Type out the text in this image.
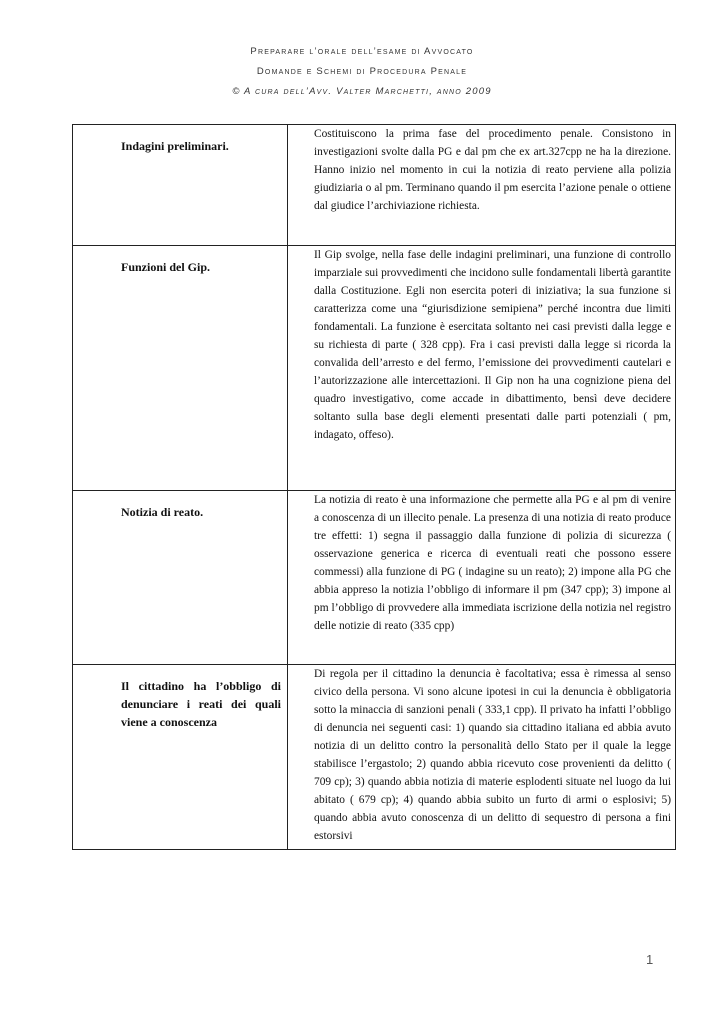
Preparare l’orale dell’esame di Avvocato
Domande e Schemi di Procedura Penale
© A cura dell’Avv. Valter Marchetti, anno 2009
Indagini preliminari.	Costituiscono la prima fase del procedimento penale. Consistono in investigazioni svolte dalla PG e dal pm che ex art.327cpp ne ha la direzione. Hanno inizio nel momento in cui la notizia di reato perviene alla polizia giudiziaria o al pm. Terminano quando il pm esercita l’azione penale o ottiene dal giudice l’archiviazione richiesta.

Funzioni del Gip.	Il Gip svolge, nella fase delle indagini preliminari, una funzione di controllo imparziale sui provvedimenti che incidono sulle fondamentali libertà garantite dalla Costituzione. Egli non esercita poteri di iniziativa; la sua funzione si caratterizza come una “giurisdizione semipiena” perché incontra due limiti fondamentali. La funzione è esercitata soltanto nei casi previsti dalla legge e su richiesta di parte ( 328 cpp). Fra i casi previsti dalla legge si ricorda la convalida dell’arresto e del fermo, l’emissione dei provvedimenti cautelari e l’autorizzazione alle intercettazioni. Il Gip non ha una cognizione piena del quadro investigativo, come accade in dibattimento, bensì deve decidere soltanto sulla base degli elementi presentati dalle parti potenziali ( pm, indagato, offeso).

Notizia di reato.	La notizia di reato è una informazione che permette alla PG e al pm di venire a conoscenza di un illecito penale. La presenza di una notizia di reato produce tre effetti: 1) segna il passaggio dalla funzione di polizia di sicurezza ( osservazione generica e ricerca di eventuali reati che possono essere commessi) alla funzione di PG ( indagine su un reato); 2) impone alla PG che abbia appreso la notizia l’obbligo di informare il pm (347 cpp); 3) impone al pm l’obbligo di provvedere alla immediata iscrizione della notizia nel registro delle notizie di reato (335 cpp)

Il cittadino ha l’obbligo di denunciare i reati dei quali viene a conoscenza	Di regola per il cittadino la denuncia è facoltativa; essa è rimessa al senso civico della persona. Vi sono alcune ipotesi in cui la denuncia è obbligatoria sotto la minaccia di sanzioni penali ( 333,1 cpp). Il privato ha infatti l’obbligo di denuncia nei seguenti casi: 1) quando sia cittadino italiana ed abbia avuto notizia di un delitto contro la personalità dello Stato per il quale la legge stabilisce l’ergastolo; 2) quando abbia ricevuto cose provenienti da delitto ( 709 cp); 3) quando abbia notizia di materie esplodenti situate nel luogo da lui abitato ( 679 cp); 4) quando abbia subito un furto di armi o esplosivi; 5) quando abbia avuto conoscenza di un delitto di sequestro di persona a fini estorsivi
1
